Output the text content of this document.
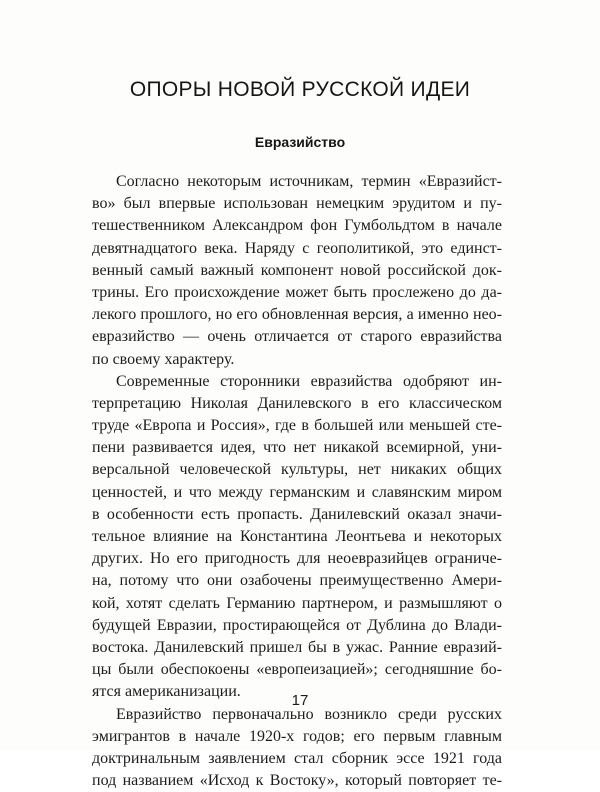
ОПОРЫ НОВОЙ РУССКОЙ ИДЕИ
Евразийство
Согласно некоторым источникам, термин «Евразийст-
во» был впервые использован немецким эрудитом и пу-
тешественником Александром фон Гумбольдтом в начале
девятнадцатого века. Наряду с геополитикой, это единст-
венный самый важный компонент новой российской док-
трины. Его происхождение может быть прослежено до да-
лекого прошлого, но его обновленная версия, а именно нео-
евразийство — очень отличается от старого евразийства
по своему характеру.
Современные сторонники евразийства одобряют ин-
терпретацию Николая Данилевского в его классическом
труде «Европа и Россия», где в большей или меньшей сте-
пени развивается идея, что нет никакой всемирной, уни-
версальной человеческой культуры, нет никаких общих
ценностей, и что между германским и славянским миром
в особенности есть пропасть. Данилевский оказал значи-
тельное влияние на Константина Леонтьева и некоторых
других. Но его пригодность для неоевразийцев ограниче-
на, потому что они озабочены преимущественно Амери-
кой, хотят сделать Германию партнером, и размышляют о
будущей Евразии, простирающейся от Дублина до Влади-
востока. Данилевский пришел бы в ужас. Ранние евразий-
цы были обеспокоены «европеизацией»; сегодняшние бо-
ятся американизации.
Евразийство первоначально возникло среди русских
эмигрантов в начале 1920-х годов; его первым главным
доктринальным заявлением стал сборник эссе 1921 года
под названием «Исход к Востоку», который повторяет те-
17
